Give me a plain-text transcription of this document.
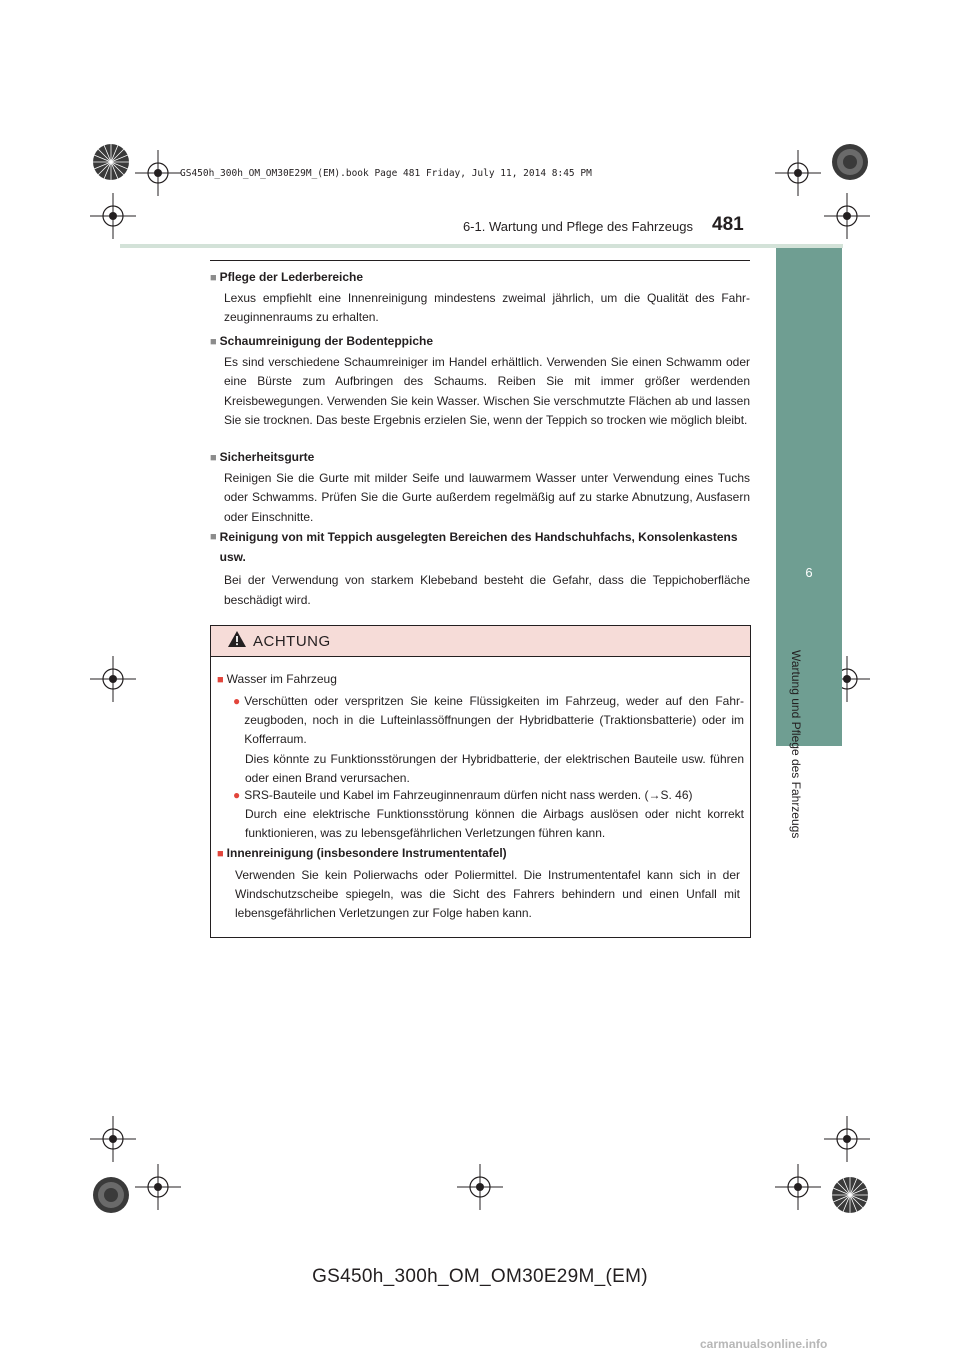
GS450h_300h_OM_OM30E29M_(EM).book Page 481 Friday, July 11, 2014 8:45 PM
6-1. Wartung und Pflege des Fahrzeugs 481
6
Wartung und Pflege des Fahrzeugs
■ Pflege der Lederbereiche
Lexus empfiehlt eine Innenreinigung mindestens zweimal jährlich, um die Qualität des Fahr-zeuginnenraums zu erhalten.
■ Schaumreinigung der Bodenteppiche
Es sind verschiedene Schaumreiniger im Handel erhältlich. Verwenden Sie einen Schwamm oder eine Bürste zum Aufbringen des Schaums. Reiben Sie mit immer größer werdenden Kreisbewegungen. Verwenden Sie kein Wasser. Wischen Sie verschmutzte Flächen ab und lassen Sie sie trocknen. Das beste Ergebnis erzielen Sie, wenn der Teppich so trocken wie möglich bleibt.
■ Sicherheitsgurte
Reinigen Sie die Gurte mit milder Seife und lauwarmem Wasser unter Verwendung eines Tuchs oder Schwamms. Prüfen Sie die Gurte außerdem regelmäßig auf zu starke Abnutzung, Ausfasern oder Einschnitte.
■ Reinigung von mit Teppich ausgelegten Bereichen des Handschuhfachs, Konsolenkastens usw.
Bei der Verwendung von starkem Klebeband besteht die Gefahr, dass die Teppichoberfläche beschädigt wird.
ACHTUNG
■ Wasser im Fahrzeug
● Verschütten oder verspritzen Sie keine Flüssigkeiten im Fahrzeug, weder auf den Fahr-zeugboden, noch in die Lufteinlassöffnungen der Hybridbatterie (Traktionsbatterie) oder im Kofferraum.
Dies könnte zu Funktionsstörungen der Hybridbatterie, der elektrischen Bauteile usw. führen oder einen Brand verursachen.
● SRS-Bauteile und Kabel im Fahrzeuginnenraum dürfen nicht nass werden. (→S. 46)
Durch eine elektrische Funktionsstörung können die Airbags auslösen oder nicht korrekt funktionieren, was zu lebensgefährlichen Verletzungen führen kann.
■ Innenreinigung (insbesondere Instrumententafel)
Verwenden Sie kein Polierwachs oder Poliermittel. Die Instrumententafel kann sich in der Windschutzscheibe spiegeln, was die Sicht des Fahrers behindern und einen Unfall mit lebensgefährlichen Verletzungen zur Folge haben kann.
GS450h_300h_OM_OM30E29M_(EM)
carmanualsonline.info
